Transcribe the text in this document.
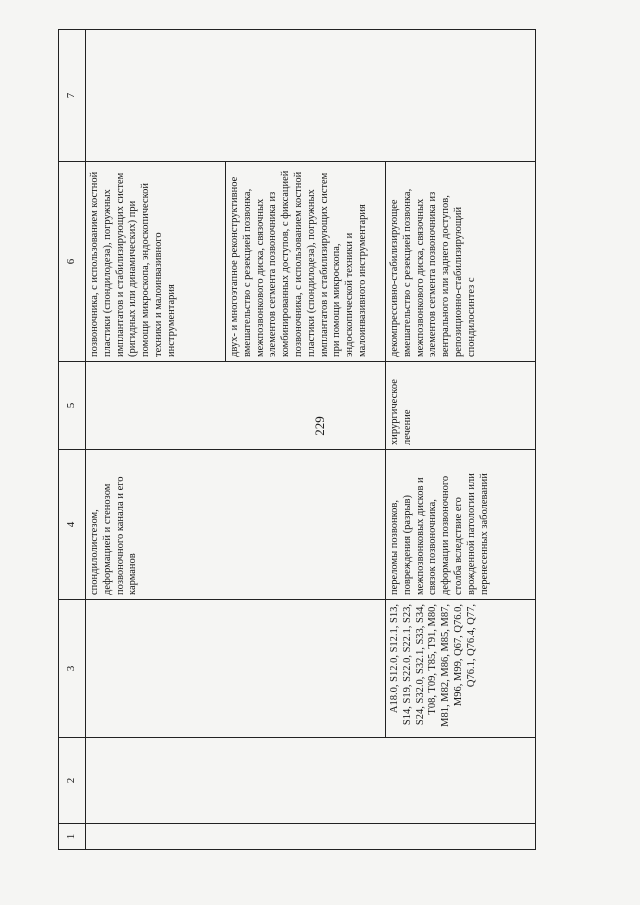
229
1	2	3	4	5	6	7
			спондилолистезом, деформацией и стенозом позвоночного канала и его карманов		позвоночника, с использованием костной пластики (спондилодеза), погружных имплантатов и стабилизирующих систем (ригидных или динамических) при помощи микроскопа, эндоскопической техники и малоинвазивного инструментария	
					двух- и многоэтапное реконструктивное вмешательство с резекцией позвонка, межпозвонкового диска, связочных элементов сегмента позвоночника из комбинированных доступов, с фиксацией позвоночника, с использованием костной пластики (спондилодеза), погружных имплантатов и стабилизирующих систем при помощи микроскопа, эндоскопической техники и малоинвазивного инструментария	
		A18.0, S12.0, S12.1, S13, S14, S19, S22.0, S22.1, S23, S24, S32.0, S32.1, S33, S34, T08, T09, T85, T91, M80, M81, M82, M86, M85, M87, M96, M99, Q67, Q76.0, Q76.1, Q76.4, Q77,	переломы позвонков, повреждения (разрыв) межпозвонковых дисков и связок позвоночника, деформации позвоночного столба вследствие его врожденной патологии или перенесенных заболеваний	хирургическое лечение	декомпрессивно-стабилизирующее вмешательство с резекцией позвонка, межпозвонкового диска, связочных элементов сегмента позвоночника из вентрального или заднего доступов, репозиционно-стабилизирующий спондилосинтез с	
